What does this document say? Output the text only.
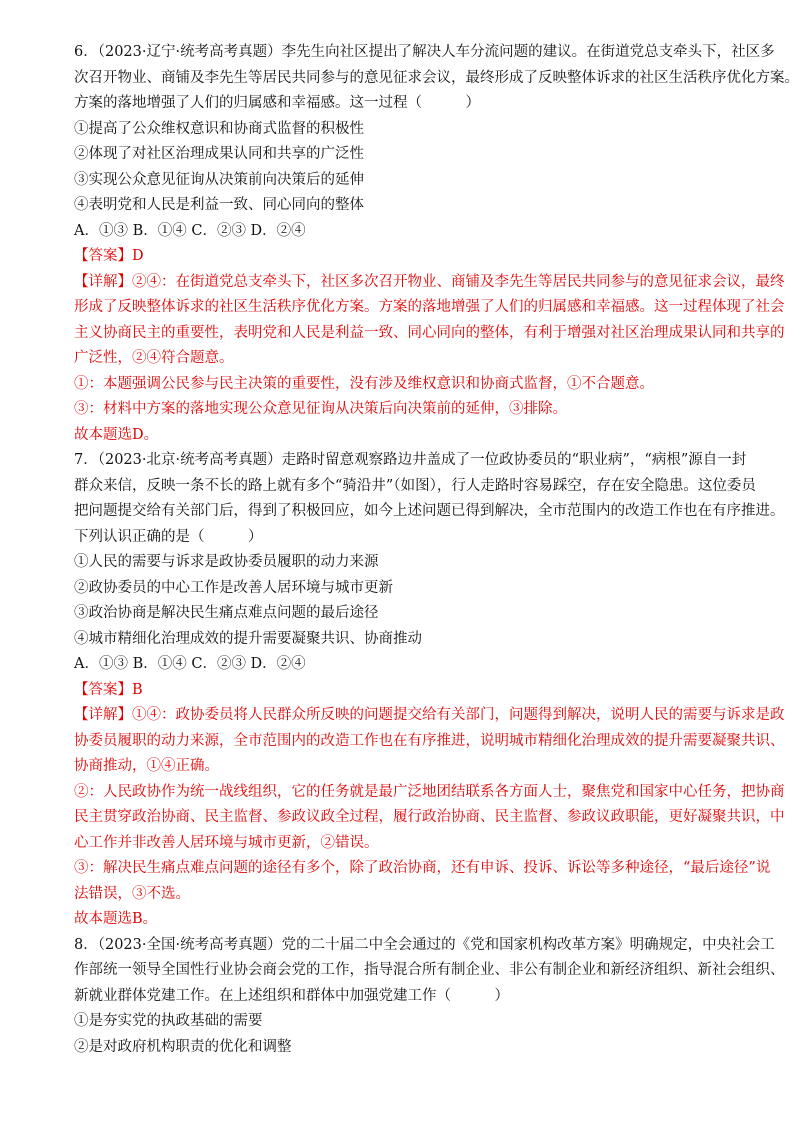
6．（2023·辽宁·统考高考真题）李先生向社区提出了解决人车分流问题的建议。在街道党总支牵头下，社区多
次召开物业、商铺及李先生等居民共同参与的意见征求会议，最终形成了反映整体诉求的社区生活秩序优化方案。
方案的落地增强了人们的归属感和幸福感。这一过程（　　　）
①提高了公众维权意识和协商式监督的积极性
②体现了对社区治理成果认同和共享的广泛性
③实现公众意见征询从决策前向决策后的延伸
④表明党和人民是利益一致、同心同向的整体
A．①③ B．①④ C．②③ D．②④
【答案】D
【详解】②④：在街道党总支牵头下，社区多次召开物业、商铺及李先生等居民共同参与的意见征求会议，最终
形成了反映整体诉求的社区生活秩序优化方案。方案的落地增强了人们的归属感和幸福感。这一过程体现了社会
主义协商民主的重要性，表明党和人民是利益一致、同心同向的整体，有利于增强对社区治理成果认同和共享的
广泛性，②④符合题意。
①：本题强调公民参与民主决策的重要性，没有涉及维权意识和协商式监督，①不合题意。
③：材料中方案的落地实现公众意见征询从决策后向决策前的延伸，③排除。
故本题选D。
7．（2023·北京·统考高考真题）走路时留意观察路边井盖成了一位政协委员的“职业病”，“病根”源自一封
群众来信，反映一条不长的路上就有多个“骑沿井”（如图），行人走路时容易踩空，存在安全隐患。这位委员
把问题提交给有关部门后，得到了积极回应，如今上述问题已得到解决，全市范围内的改造工作也在有序推进。
下列认识正确的是（　　　）
①人民的需要与诉求是政协委员履职的动力来源
②政协委员的中心工作是改善人居环境与城市更新
③政治协商是解决民生痛点难点问题的最后途径
④城市精细化治理成效的提升需要凝聚共识、协商推动
A．①③ B．①④ C．②③ D．②④
【答案】B
【详解】①④：政协委员将人民群众所反映的问题提交给有关部门，问题得到解决，说明人民的需要与诉求是政
协委员履职的动力来源，全市范围内的改造工作也在有序推进，说明城市精细化治理成效的提升需要凝聚共识、
协商推动，①④正确。
②：人民政协作为统一战线组织，它的任务就是最广泛地团结联系各方面人士，聚焦党和国家中心任务，把协商
民主贯穿政治协商、民主监督、参政议政全过程，履行政治协商、民主监督、参政议政职能，更好凝聚共识，中
心工作并非改善人居环境与城市更新，②错误。
③：解决民生痛点难点问题的途径有多个，除了政治协商，还有申诉、投诉、诉讼等多种途径，“最后途径”说
法错误，③不选。
故本题选B。
8．（2023·全国·统考高考真题）党的二十届二中全会通过的《党和国家机构改革方案》明确规定，中央社会工
作部统一领导全国性行业协会商会党的工作，指导混合所有制企业、非公有制企业和新经济组织、新社会组织、
新就业群体党建工作。在上述组织和群体中加强党建工作（　　　）
①是夯实党的执政基础的需要
②是对政府机构职责的优化和调整
